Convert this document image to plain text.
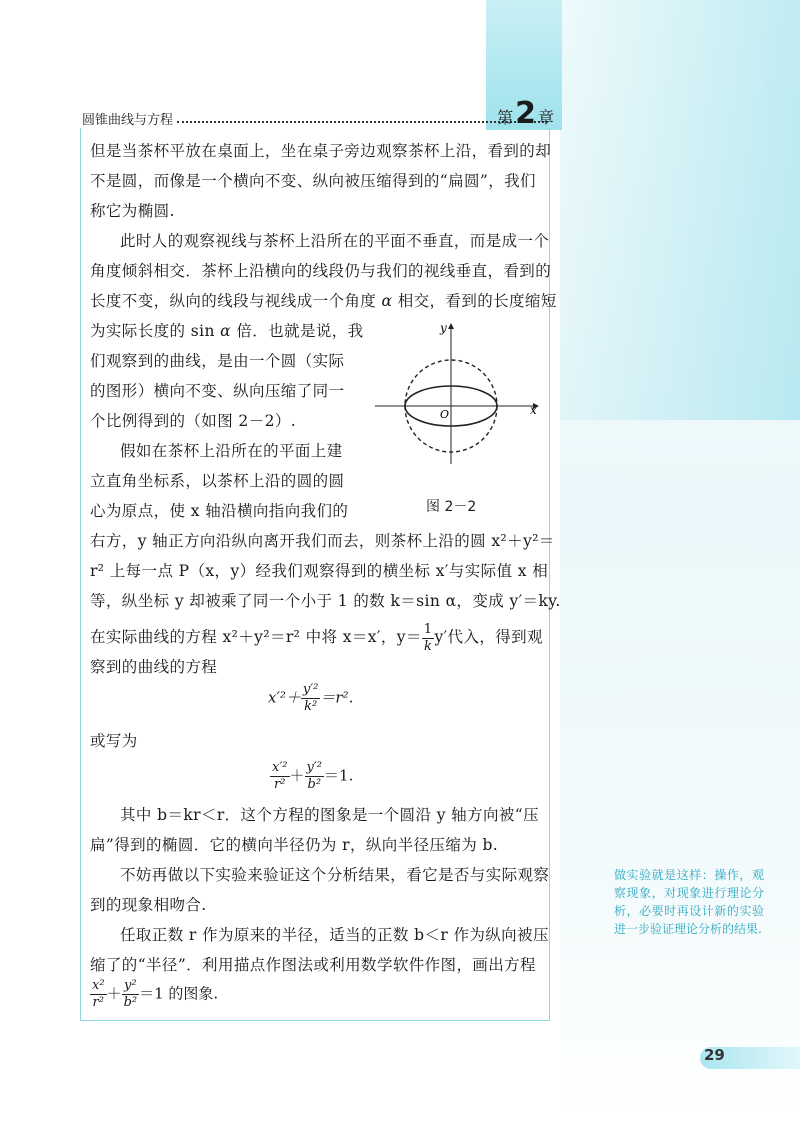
圆锥曲线与方程	第2 章
但是当茶杯平放在桌面上，坐在桌子旁边观察茶杯上沿，看到的却
不是圆，而像是一个横向不变、纵向被压缩得到的“扁圆”，我们
称它为椭圆.
此时人的观察视线与茶杯上沿所在的平面不垂直，而是成一个
角度倾斜相交．茶杯上沿横向的线段仍与我们的视线垂直，看到的
长度不变，纵向的线段与视线成一个角度 α 相交，看到的长度缩短
为实际长度的 sin α 倍．也就是说，我
们观察到的曲线，是由一个圆（实际
的图形）横向不变、纵向压缩了同一
个比例得到的（如图 2－2）.
假如在茶杯上沿所在的平面上建
立直角坐标系，以茶杯上沿的圆的圆
心为原点，使 x 轴沿横向指向我们的
右方，y 轴正方向沿纵向离开我们而去，则茶杯上沿的圆 x²＋y²＝
r² 上每一点 P（x，y）经我们观察得到的横坐标 x′与实际值 x 相
等，纵坐标 y 却被乘了同一个小于 1 的数 k＝sin α，变成 y′＝ky.
在实际曲线的方程 x²＋y²＝r² 中将 x＝x′，$y= \frac{1}{k} y'$代入，得到观
察到的曲线的方程
$x'^2+ \frac{\text{y′²}}{\text{k²}} =r^2$.
或写为
$\frac{\text{x′²}}{\text{r²}} + \frac{\text{y′²}}{\text{b²}} =1$.
其中 b＝kr＜r．这个方程的图象是一个圆沿 y 轴方向被“压
扁”得到的椭圆．它的横向半径仍为 r，纵向半径压缩为 b.
不妨再做以下实验来验证这个分析结果，看它是否与实际观察
到的现象相吻合.
任取正数 r 作为原来的半径，适当的正数 b＜r 作为纵向被压
缩了的“半径”．利用描点作图法或利用数学软件作图，画出方程
$\frac{\text{x²}}{\text{r²}} + \frac{\text{y²}}{\text{b²}} =1$ 的图象.
x
y
O
图 2－2
做实验就是这样：操作，观察现象，对现象进行理论分析，必要时再设计新的实验进一步验证理论分析的结果.
29
